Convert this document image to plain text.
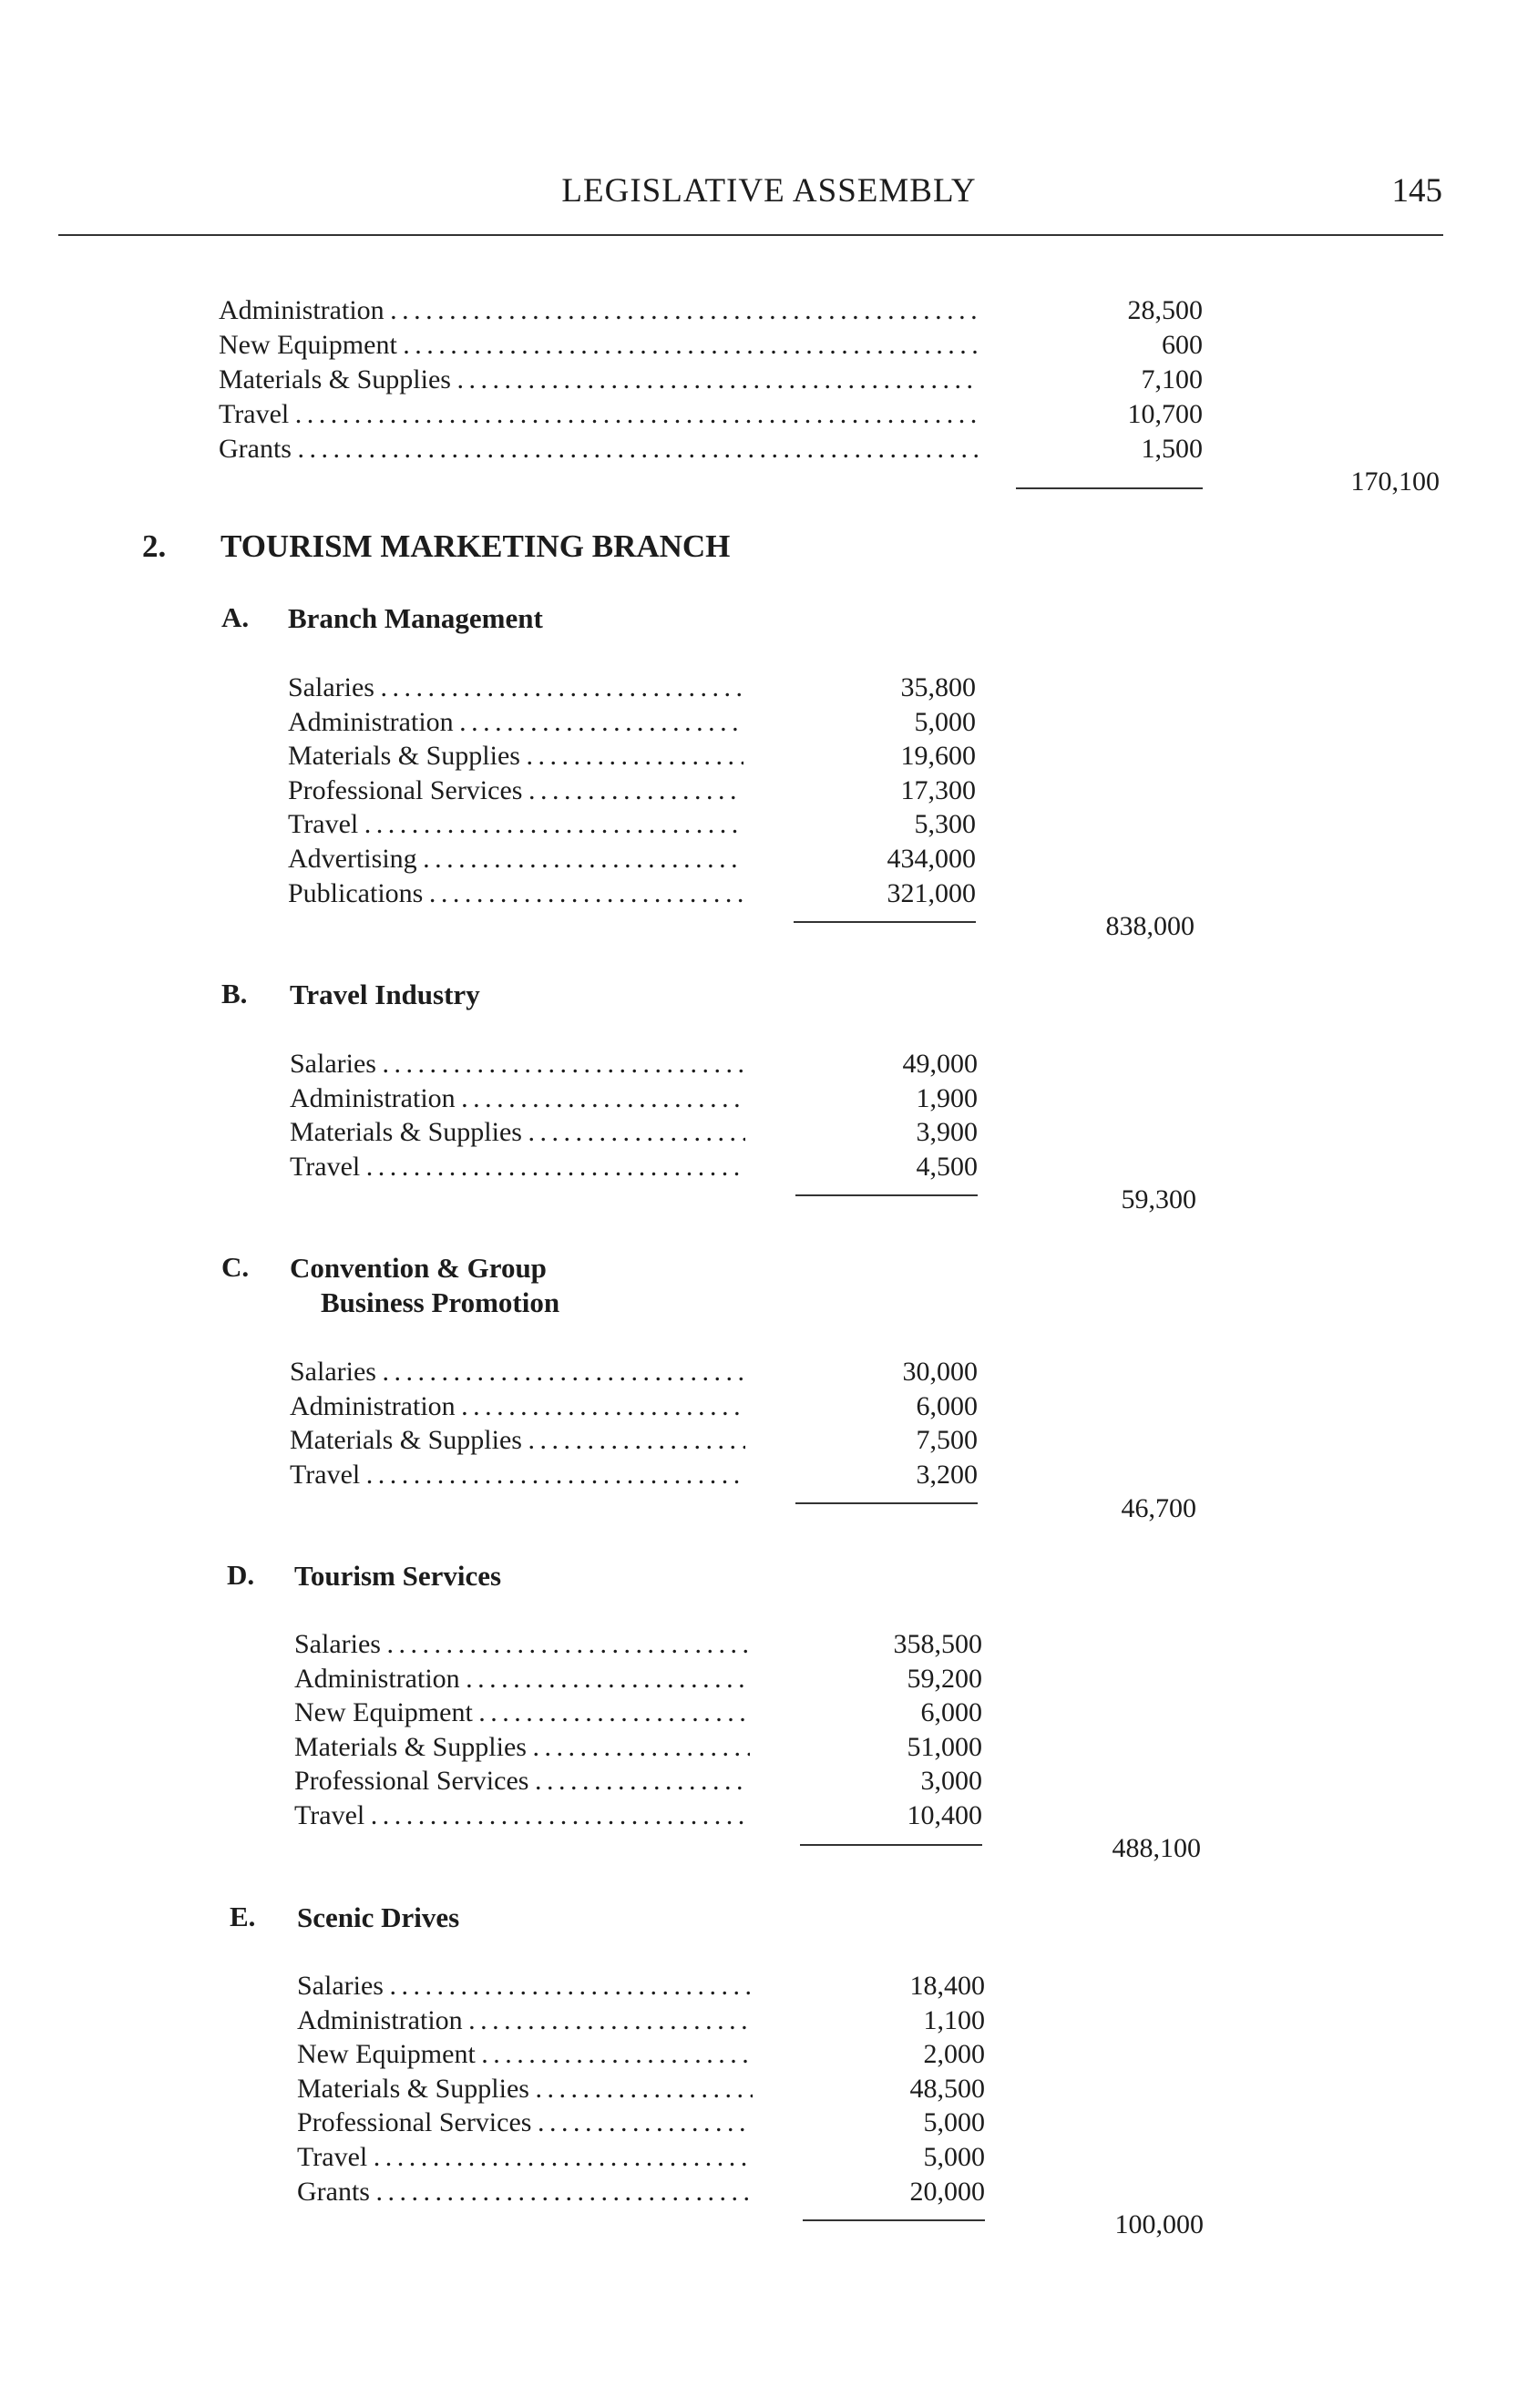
LEGISLATIVE ASSEMBLY	145
2. TOURISM MARKETING BRANCH
Administration . . .	28,500
New Equipment . . .	600
Materials & Supplies . . .	7,100
Travel . . .	10,700
Grants . . .	1,500
170,100
A. Branch Management
Salaries . . .	35,800
Administration . . .	5,000
Materials & Supplies . . .	19,600
Professional Services . . .	17,300
Travel . . .	5,300
Advertising . . .	434,000
Publications . . .	321,000
838,000
B. Travel Industry
Salaries . . .	49,000
Administration . . .	1,900
Materials & Supplies . . .	3,900
Travel . . .	4,500
59,300
C. Convention & Group
Business Promotion
Salaries . . .	30,000
Administration . . .	6,000
Materials & Supplies . . .	7,500
Travel . . .	3,200
46,700
D. Tourism Services
Salaries . . .	358,500
Administration . . .	59,200
New Equipment . . .	6,000
Materials & Supplies . . .	51,000
Professional Services . . .	3,000
Travel . . .	10,400
488,100
E. Scenic Drives
Salaries . . .	18,400
Administration . . .	1,100
New Equipment . . .	2,000
Materials & Supplies . . .	48,500
Professional Services . . .	5,000
Travel . . .	5,000
Grants . . .	20,000
100,000
